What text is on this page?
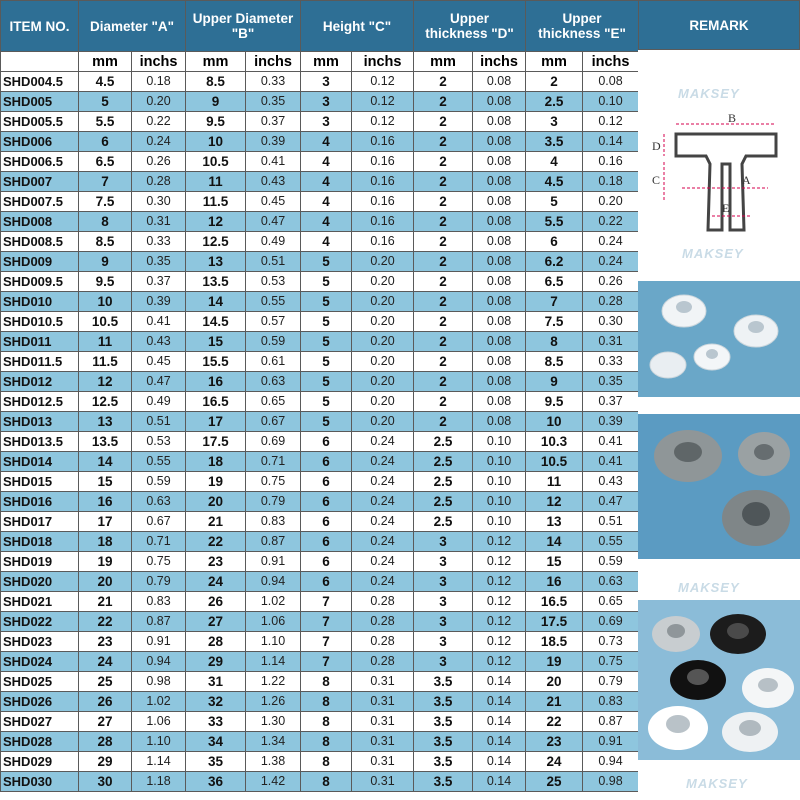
ITEM NO.	Diameter "A"		Upper Diameter
"B"		Height "C"		Upper
thickness "D"		Upper
thickness "E"	
	mm	inchs	mm	inchs	mm	inchs	mm	inchs	mm	inchs
SHD004.5	4.5	0.18	8.5	0.33	3	0.12	2	0.08	2	0.08
SHD005	5	0.20	9	0.35	3	0.12	2	0.08	2.5	0.10
SHD005.5	5.5	0.22	9.5	0.37	3	0.12	2	0.08	3	0.12
SHD006	6	0.24	10	0.39	4	0.16	2	0.08	3.5	0.14
SHD006.5	6.5	0.26	10.5	0.41	4	0.16	2	0.08	4	0.16
SHD007	7	0.28	11	0.43	4	0.16	2	0.08	4.5	0.18
SHD007.5	7.5	0.30	11.5	0.45	4	0.16	2	0.08	5	0.20
SHD008	8	0.31	12	0.47	4	0.16	2	0.08	5.5	0.22
SHD008.5	8.5	0.33	12.5	0.49	4	0.16	2	0.08	6	0.24
SHD009	9	0.35	13	0.51	5	0.20	2	0.08	6.2	0.24
SHD009.5	9.5	0.37	13.5	0.53	5	0.20	2	0.08	6.5	0.26
SHD010	10	0.39	14	0.55	5	0.20	2	0.08	7	0.28
SHD010.5	10.5	0.41	14.5	0.57	5	0.20	2	0.08	7.5	0.30
SHD011	11	0.43	15	0.59	5	0.20	2	0.08	8	0.31
SHD011.5	11.5	0.45	15.5	0.61	5	0.20	2	0.08	8.5	0.33
SHD012	12	0.47	16	0.63	5	0.20	2	0.08	9	0.35
SHD012.5	12.5	0.49	16.5	0.65	5	0.20	2	0.08	9.5	0.37
SHD013	13	0.51	17	0.67	5	0.20	2	0.08	10	0.39
SHD013.5	13.5	0.53	17.5	0.69	6	0.24	2.5	0.10	10.3	0.41
SHD014	14	0.55	18	0.71	6	0.24	2.5	0.10	10.5	0.41
SHD015	15	0.59	19	0.75	6	0.24	2.5	0.10	11	0.43
SHD016	16	0.63	20	0.79	6	0.24	2.5	0.10	12	0.47
SHD017	17	0.67	21	0.83	6	0.24	2.5	0.10	13	0.51
SHD018	18	0.71	22	0.87	6	0.24	3	0.12	14	0.55
SHD019	19	0.75	23	0.91	6	0.24	3	0.12	15	0.59
SHD020	20	0.79	24	0.94	6	0.24	3	0.12	16	0.63
SHD021	21	0.83	26	1.02	7	0.28	3	0.12	16.5	0.65
SHD022	22	0.87	27	1.06	7	0.28	3	0.12	17.5	0.69
SHD023	23	0.91	28	1.10	7	0.28	3	0.12	18.5	0.73
SHD024	24	0.94	29	1.14	7	0.28	3	0.12	19	0.75
SHD025	25	0.98	31	1.22	8	0.31	3.5	0.14	20	0.79
SHD026	26	1.02	32	1.26	8	0.31	3.5	0.14	21	0.83
SHD027	27	1.06	33	1.30	8	0.31	3.5	0.14	22	0.87
SHD028	28	1.10	34	1.34	8	0.31	3.5	0.14	23	0.91
SHD029	29	1.14	35	1.38	8	0.31	3.5	0.14	24	0.94
SHD030	30	1.18	36	1.42	8	0.31	3.5	0.14	25	0.98
REMARK
MAKSEY
B
D
C	A
E
MAKSEY
MAKSEY
MAKSEY
